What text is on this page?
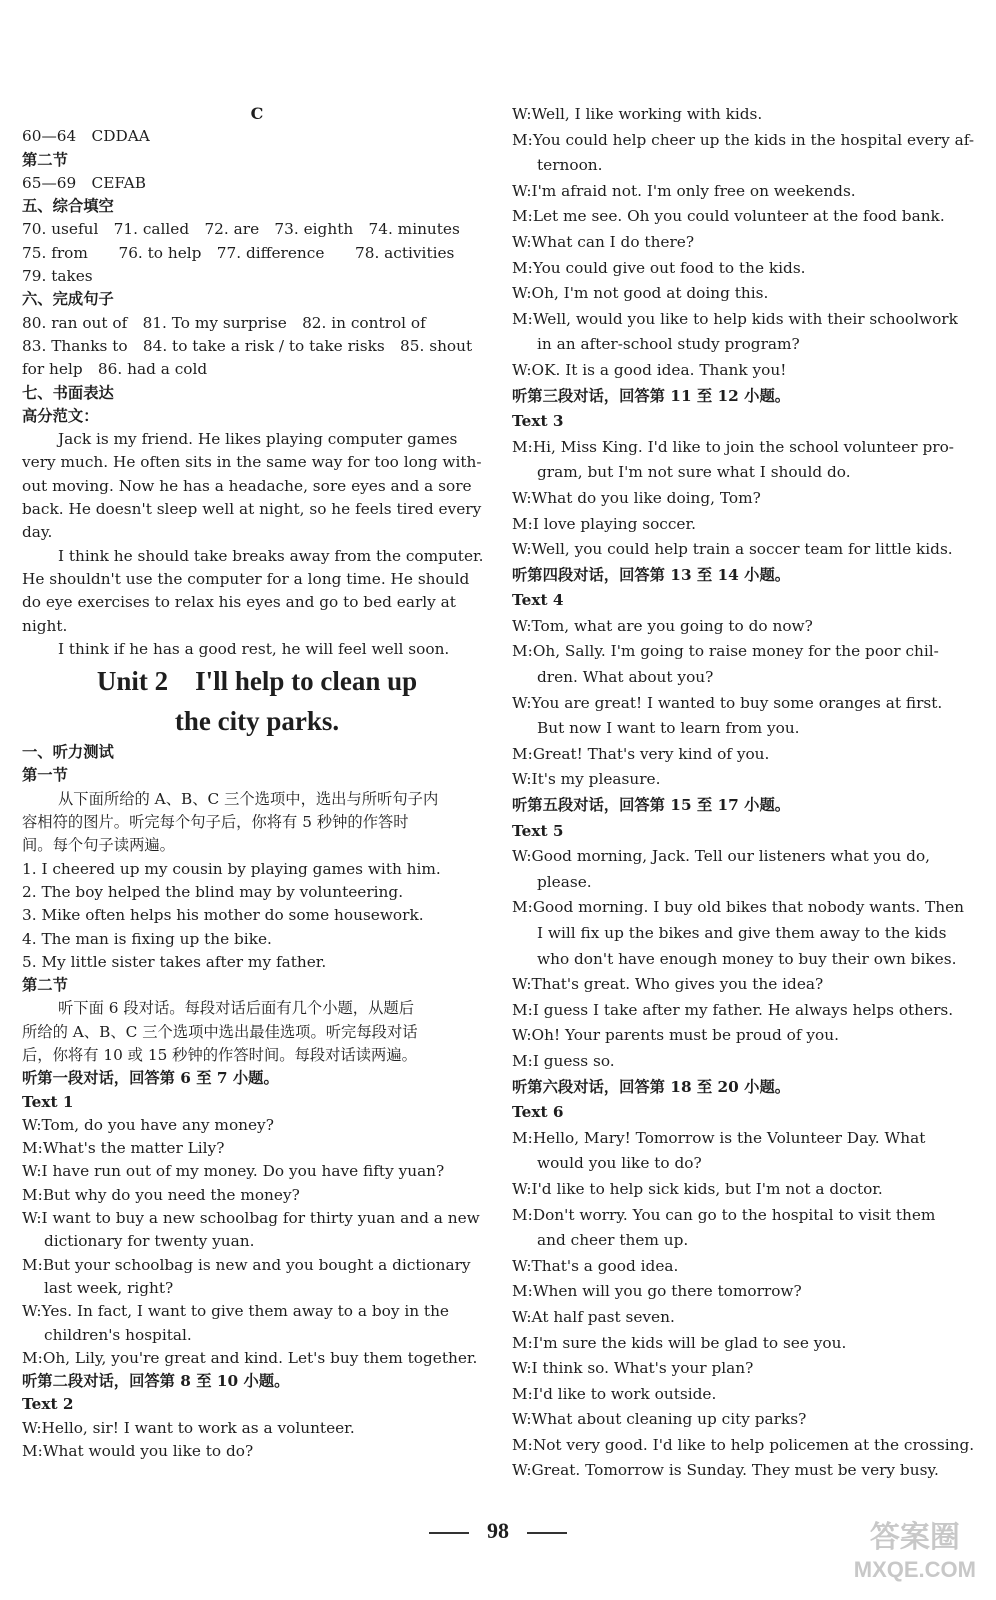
C
60—64　CDDAA
第二节
65—69　CEFAB
五、综合填空
70. useful　71. called　72. are　73. eighth　74. minutes
75. from　　76. to help　77. difference　　78. activities
79. takes
六、完成句子
80. ran out of　81. To my surprise　82. in control of
83. Thanks to　84. to take a risk / to take risks　85. shout
for help　86. had a cold
七、书面表达
高分范文：
Jack is my friend. He likes playing computer games
very much. He often sits in the same way for too long with-
out moving. Now he has a headache, sore eyes and a sore
back. He doesn't sleep well at night, so he feels tired every
day.
I think he should take breaks away from the computer.
He shouldn't use the computer for a long time. He should
do eye exercises to relax his eyes and go to bed early at
night.
I think if he has a good rest, he will feel well soon.
Unit 2　I'll help to clean up
the city parks.
一、听力测试
第一节
从下面所给的 A、B、C 三个选项中，选出与所听句子内
容相符的图片。听完每个句子后，你将有 5 秒钟的作答时
间。每个句子读两遍。
1. I cheered up my cousin by playing games with him.
2. The boy helped the blind may by volunteering.
3. Mike often helps his mother do some housework.
4. The man is fixing up the bike.
5. My little sister takes after my father.
第二节
听下面 6 段对话。每段对话后面有几个小题，从题后
所给的 A、B、C 三个选项中选出最佳选项。听完每段对话
后，你将有 10 或 15 秒钟的作答时间。每段对话读两遍。
听第一段对话，回答第 6 至 7 小题。
Text 1
W:Tom, do you have any money?
M:What's the matter Lily?
W:I have run out of my money. Do you have fifty yuan?
M:But why do you need the money?
W:I want to buy a new schoolbag for thirty yuan and a new
dictionary for twenty yuan.
M:But your schoolbag is new and you bought a dictionary
last week, right?
W:Yes. In fact, I want to give them away to a boy in the
children's hospital.
M:Oh, Lily, you're great and kind. Let's buy them together.
听第二段对话，回答第 8 至 10 小题。
Text 2
W:Hello, sir! I want to work as a volunteer.
M:What would you like to do?
W:Well, I like working with kids.
M:You could help cheer up the kids in the hospital every af-
ternoon.
W:I'm afraid not. I'm only free on weekends.
M:Let me see. Oh you could volunteer at the food bank.
W:What can I do there?
M:You could give out food to the kids.
W:Oh, I'm not good at doing this.
M:Well, would you like to help kids with their schoolwork
in an after-school study program?
W:OK. It is a good idea. Thank you!
听第三段对话，回答第 11 至 12 小题。
Text 3
M:Hi, Miss King. I'd like to join the school volunteer pro-
gram, but I'm not sure what I should do.
W:What do you like doing, Tom?
M:I love playing soccer.
W:Well, you could help train a soccer team for little kids.
听第四段对话，回答第 13 至 14 小题。
Text 4
W:Tom, what are you going to do now?
M:Oh, Sally. I'm going to raise money for the poor chil-
dren. What about you?
W:You are great! I wanted to buy some oranges at first.
But now I want to learn from you.
M:Great! That's very kind of you.
W:It's my pleasure.
听第五段对话，回答第 15 至 17 小题。
Text 5
W:Good morning, Jack. Tell our listeners what you do,
please.
M:Good morning. I buy old bikes that nobody wants. Then
I will fix up the bikes and give them away to the kids
who don't have enough money to buy their own bikes.
W:That's great. Who gives you the idea?
M:I guess I take after my father. He always helps others.
W:Oh! Your parents must be proud of you.
M:I guess so.
听第六段对话，回答第 18 至 20 小题。
Text 6
M:Hello, Mary! Tomorrow is the Volunteer Day. What
would you like to do?
W:I'd like to help sick kids, but I'm not a doctor.
M:Don't worry. You can go to the hospital to visit them
and cheer them up.
W:That's a good idea.
M:When will you go there tomorrow?
W:At half past seven.
M:I'm sure the kids will be glad to see you.
W:I think so. What's your plan?
M:I'd like to work outside.
W:What about cleaning up city parks?
M:Not very good. I'd like to help policemen at the crossing.
W:Great. Tomorrow is Sunday. They must be very busy.
98	答案圈
MXQE.COM
